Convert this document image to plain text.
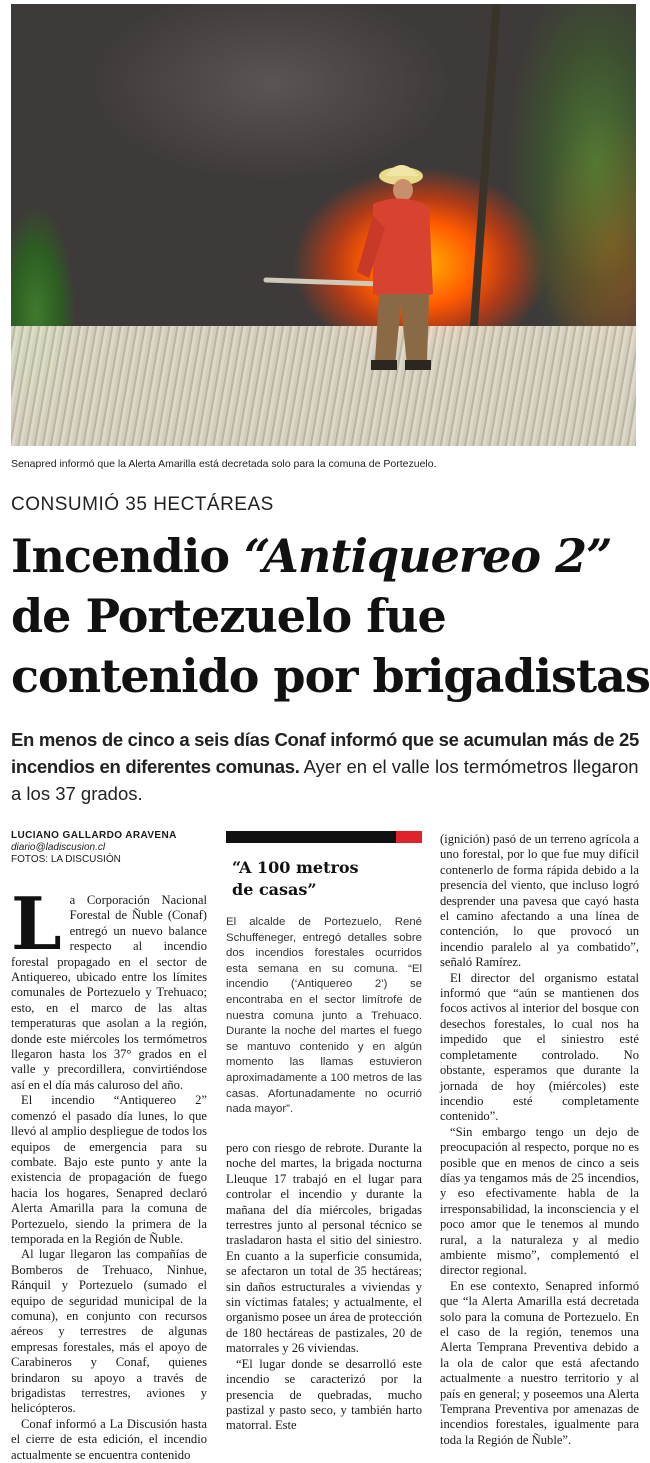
Senapred informó que la Alerta Amarilla está decretada solo para la comuna de Portezuelo.
CONSUMIÓ 35 HECTÁREAS
Incendio “Antiquereo 2”
de Portezuelo fue
contenido por brigadistas

En menos de cinco a seis días Conaf informó que se acumulan más de 25 incendios en diferentes comunas. Ayer en el valle los termómetros llegaron a los 37 grados.

LUCIANO GALLARDO ARAVENA
diario@ladiscusion.cl
FOTOS: LA DISCUSIÓN
L a Corporación Nacional Forestal de Ñuble (Conaf) entregó un nuevo balance respecto al incendio forestal propagado en el sector de Antiquereo, ubicado entre los límites comunales de Portezuelo y Trehuaco; esto, en el marco de las altas temperaturas que asolan a la región, donde este miércoles los termómetros llegaron hasta los 37° grados en el valle y precordillera, convirtiéndose así en el día más caluroso del año.

El incendio “Antiquereo 2” comenzó el pasado día lunes, lo que llevó al amplio despliegue de todos los equipos de emergencia para su combate. Bajo este punto y ante la existencia de propagación de fuego hacia los hogares, Senapred declaró Alerta Amarilla para la comuna de Portezuelo, siendo la primera de la temporada en la Región de Ñuble.

Al lugar llegaron las compañías de Bomberos de Trehuaco, Ninhue, Ránquil y Portezuelo (sumado el equipo de seguridad municipal de la comuna), en conjunto con recursos aéreos y terrestres de algunas empresas forestales, más el apoyo de Carabineros y Conaf, quienes brindaron su apoyo a través de brigadistas terrestres, aviones y helicópteros.

Conaf informó a La Discusión hasta el cierre de esta edición, el incendio actualmente se encuentra contenido

“A 100 metros
de casas”

El alcalde de Portezuelo, René Schuffeneger, entregó detalles sobre dos incendios forestales ocurridos esta semana en su comuna. “El incendio (‘Antiquereo 2’) se encontraba en el sector limítrofe de nuestra comuna junto a Trehuaco. Durante la noche del martes el fuego se mantuvo contenido y en algún momento las llamas estuvieron aproximadamente a 100 metros de las casas. Afortunadamente no ocurrió nada mayor”.

pero con riesgo de rebrote. Durante la noche del martes, la brigada nocturna Lleuque 17 trabajó en el lugar para controlar el incendio y durante la mañana del día miércoles, brigadas terrestres junto al personal técnico se trasladaron hasta el sitio del siniestro. En cuanto a la superficie consumida, se afectaron un total de 35 hectáreas; sin daños estructurales a viviendas y sin víctimas fatales; y actualmente, el organismo posee un área de protección de 180 hectáreas de pastizales, 20 de matorrales y 26 viviendas.

“El lugar donde se desarrolló este incendio se caracterizó por la presencia de quebradas, mucho pastizal y pasto seco, y también harto matorral. Este

(ignición) pasó de un terreno agrícola a uno forestal, por lo que fue muy difícil contenerlo de forma rápida debido a la presencia del viento, que incluso logró desprender una pavesa que cayó hasta el camino afectando a una línea de contención, lo que provocó un incendio paralelo al ya combatido”, señaló Ramírez.

El director del organismo estatal informó que “aún se mantienen dos focos activos al interior del bosque con desechos forestales, lo cual nos ha impedido que el siniestro esté completamente controlado. No obstante, esperamos que durante la jornada de hoy (miércoles) este incendio esté completamente contenido”.

“Sin embargo tengo un dejo de preocupación al respecto, porque no es posible que en menos de cinco a seis días ya tengamos más de 25 incendios, y eso efectivamente habla de la irresponsabilidad, la inconsciencia y el poco amor que le tenemos al mundo rural, a la naturaleza y al medio ambiente mismo”, complementó el director regional.

En ese contexto, Senapred informó que “la Alerta Amarilla está decretada solo para la comuna de Portezuelo. En el caso de la región, tenemos una Alerta Temprana Preventiva debido a la ola de calor que está afectando actualmente a nuestro territorio y al país en general; y poseemos una Alerta Temprana Preventiva por amenazas de incendios forestales, igualmente para toda la Región de Ñuble”.
